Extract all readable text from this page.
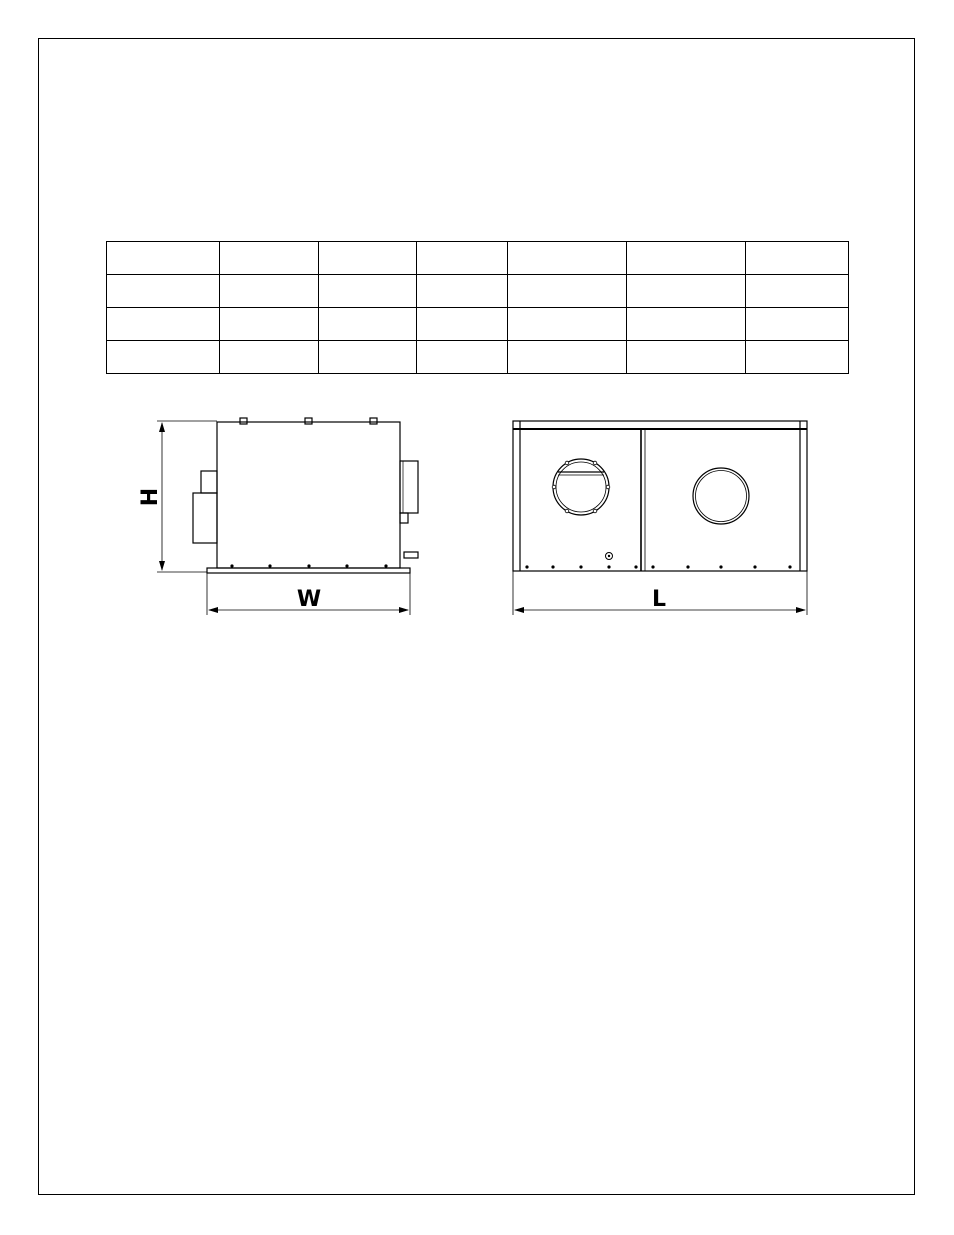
H
W	L
